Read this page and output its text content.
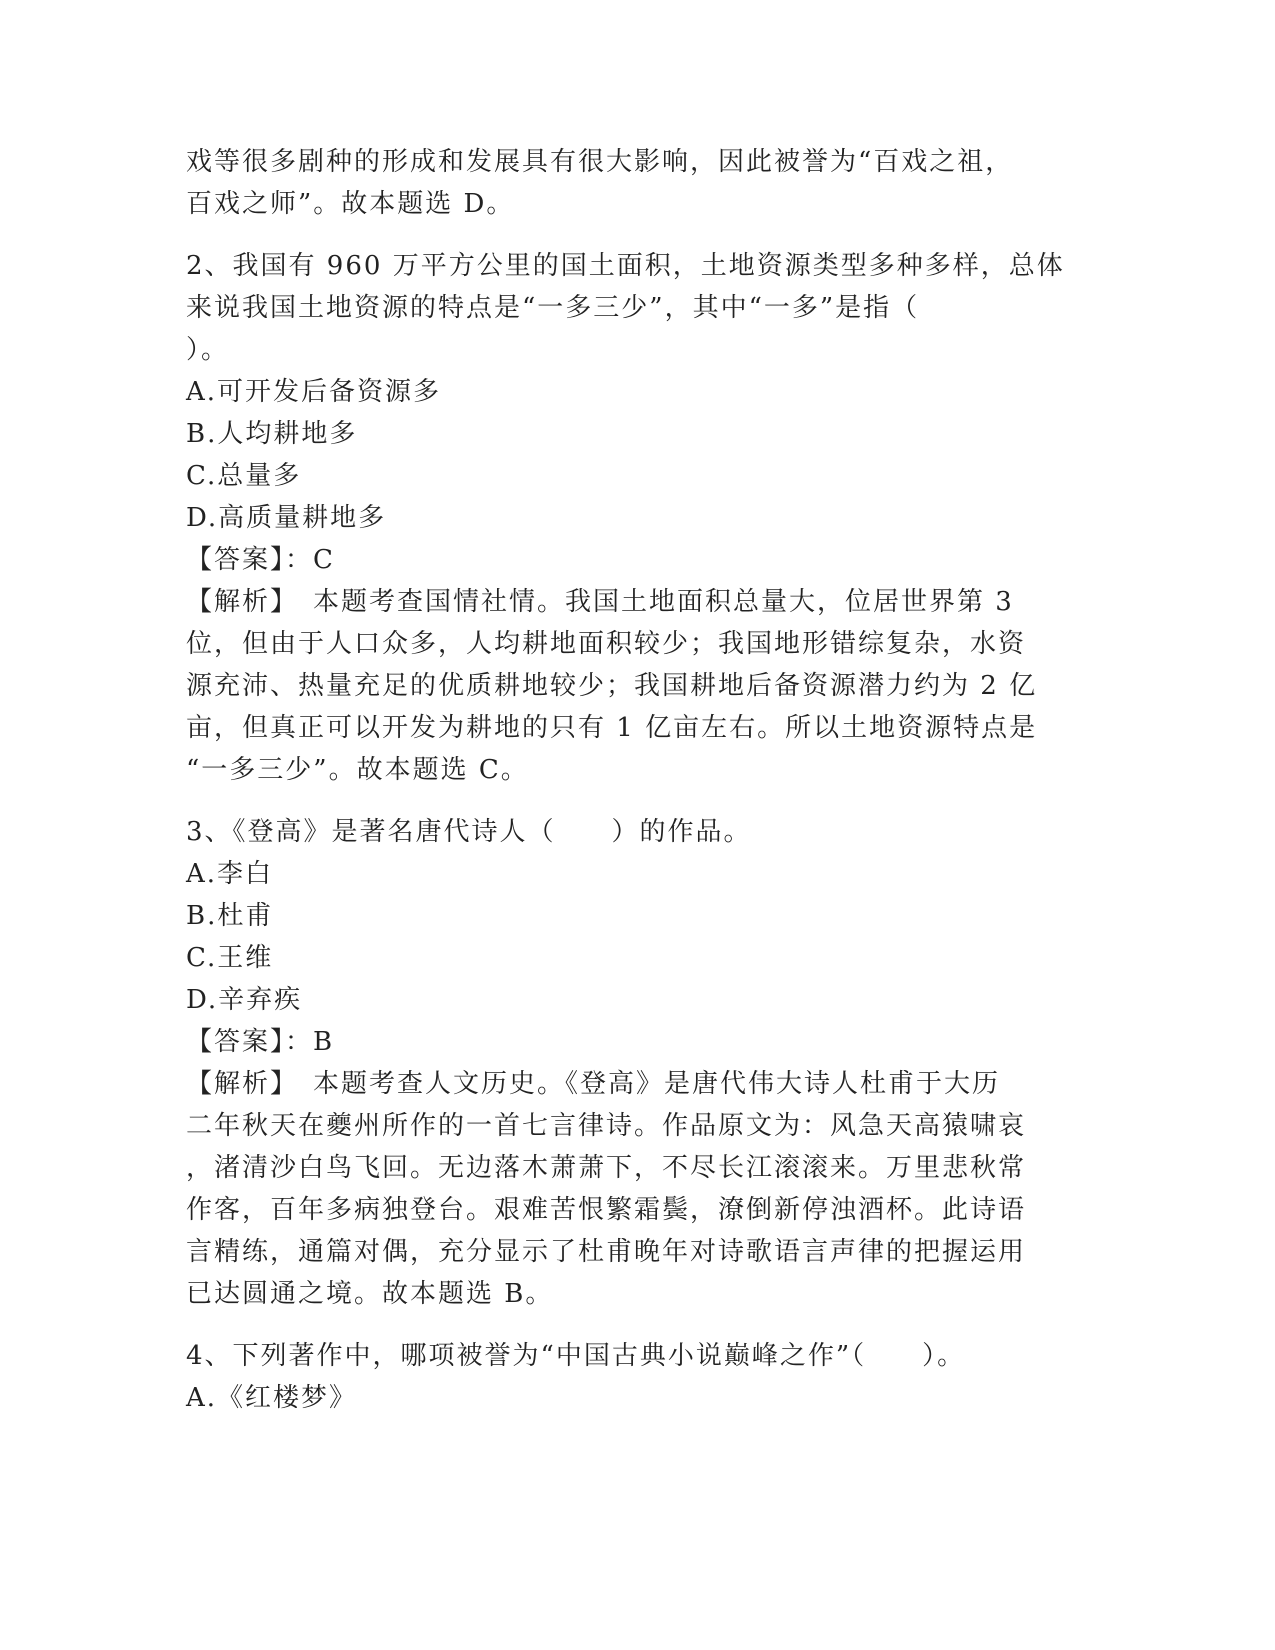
戏等很多剧种的形成和发展具有很大影响，因此被誉为“百戏之祖，
百戏之师”。故本题选 D。
2、我国有 960 万平方公里的国土面积，土地资源类型多种多样，总体
来说我国土地资源的特点是“一多三少”，其中“一多”是指（
）。
A.可开发后备资源多
B.人均耕地多
C.总量多
D.高质量耕地多
【答案】：C
【解析】　本题考查国情社情。我国土地面积总量大，位居世界第 3
位，但由于人口众多，人均耕地面积较少；我国地形错综复杂，水资
源充沛、热量充足的优质耕地较少；我国耕地后备资源潜力约为 2 亿
亩，但真正可以开发为耕地的只有 1 亿亩左右。所以土地资源特点是
“一多三少”。故本题选 C。
3、《登高》是著名唐代诗人（　　）的作品。
A.李白
B.杜甫
C.王维
D.辛弃疾
【答案】：B
【解析】　本题考查人文历史。《登高》是唐代伟大诗人杜甫于大历
二年秋天在夔州所作的一首七言律诗。作品原文为：风急天高猿啸哀
，渚清沙白鸟飞回。无边落木萧萧下，不尽长江滚滚来。万里悲秋常
作客，百年多病独登台。艰难苦恨繁霜鬓，潦倒新停浊酒杯。此诗语
言精练，通篇对偶，充分显示了杜甫晚年对诗歌语言声律的把握运用
已达圆通之境。故本题选 B。
4、下列著作中，哪项被誉为“中国古典小说巅峰之作”（　　）。
A.《红楼梦》
